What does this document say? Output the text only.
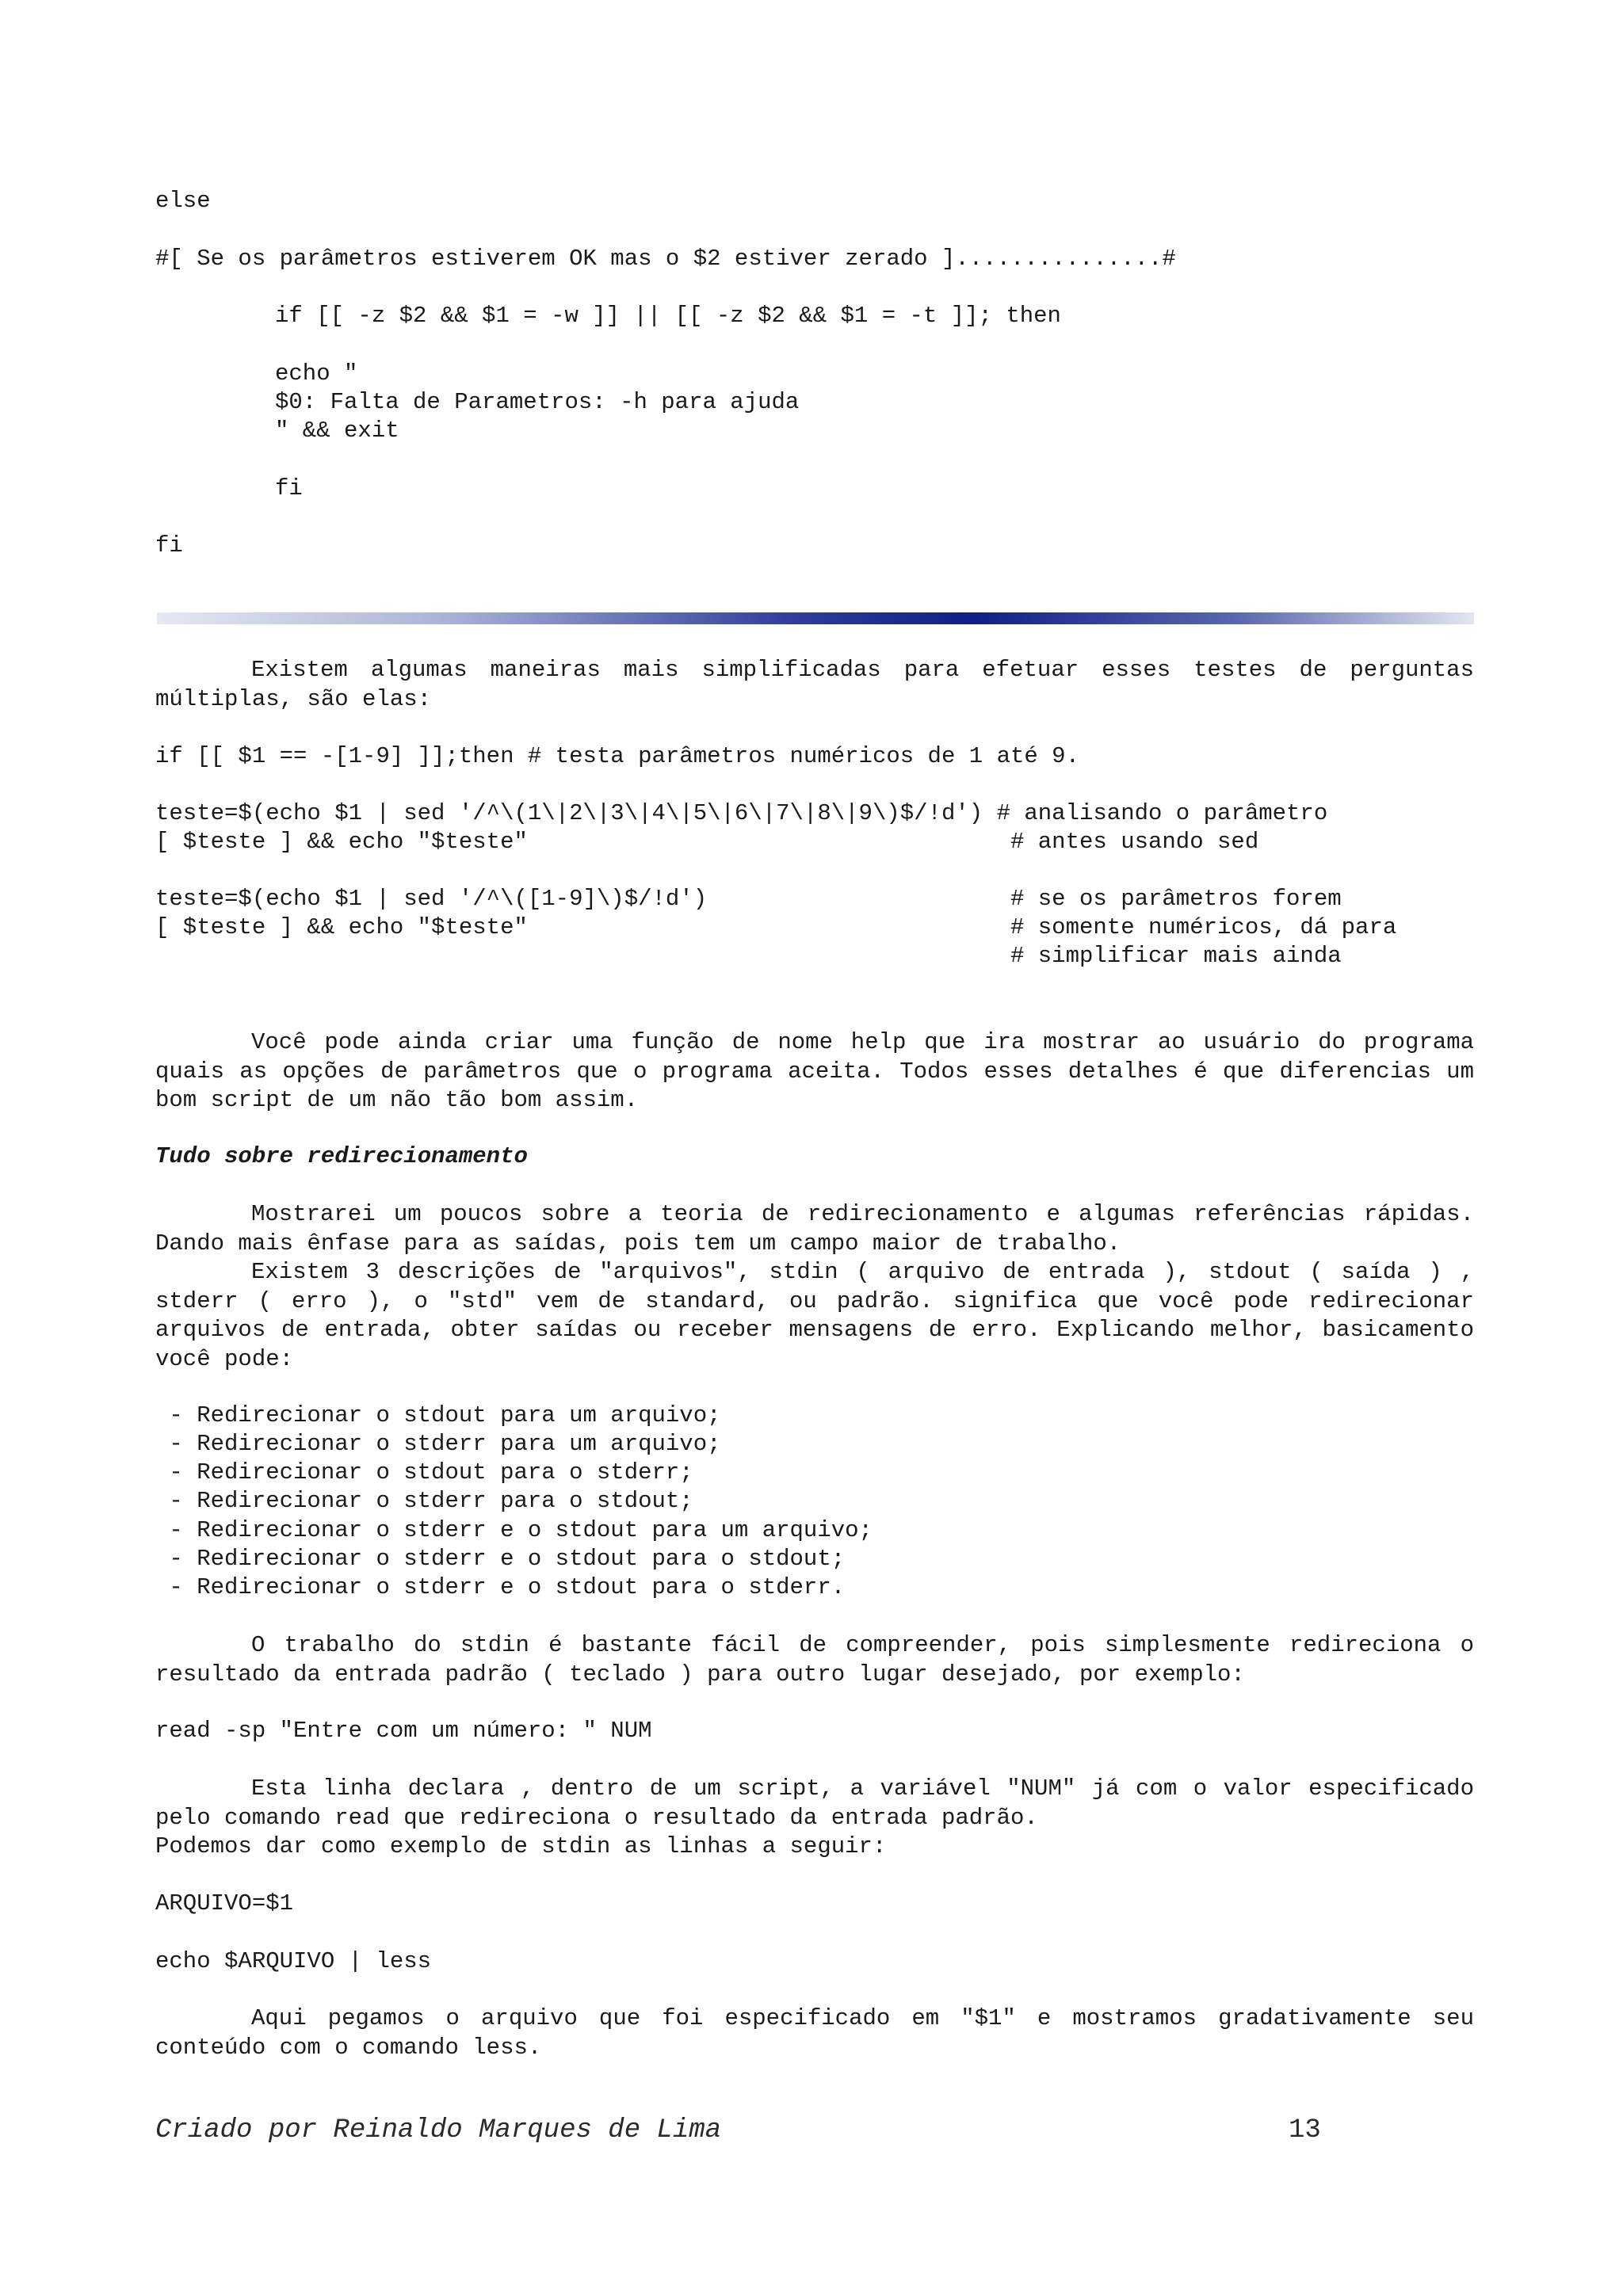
else
#[ Se os parâmetros estiverem OK mas o $2 estiver zerado ]...............#
if [[ -z $2 && $1 = -w ]] || [[ -z $2 && $1 = -t ]]; then
echo "
$0: Falta de Parametros: -h para ajuda
" && exit
fi
fi

Existem algumas maneiras mais simplificadas para efetuar esses testes de perguntas múltiplas, são elas:

if [[ $1 == -[1-9] ]];then # testa parâmetros numéricos de 1 até 9.
teste=$(echo $1 | sed '/^\(1\|2\|3\|4\|5\|6\|7\|8\|9\)$/!d') # analisando o parâmetro
[ $teste ] && echo "$teste"                                   # antes usando sed
teste=$(echo $1 | sed '/^\([1-9]\)$/!d')                      # se os parâmetros forem
[ $teste ] && echo "$teste"                                   # somente numéricos, dá para
# simplificar mais ainda

Você pode ainda criar uma função de nome help que ira mostrar ao usuário do programa quais as opções de parâmetros que o programa aceita. Todos esses detalhes é que diferencias um bom script de um não tão bom assim.

Tudo sobre redirecionamento

Mostrarei um poucos sobre a teoria de redirecionamento e algumas referências rápidas. Dando mais ênfase para as saídas, pois tem um campo maior de trabalho.

Existem 3 descrições de "arquivos", stdin ( arquivo de entrada ), stdout ( saída ) , stderr ( erro ), o "std" vem de standard, ou padrão. significa que você pode redirecionar arquivos de entrada, obter saídas ou receber mensagens de erro. Explicando melhor, basicamento você pode:

- Redirecionar o stdout para um arquivo;
- Redirecionar o stderr para um arquivo;
- Redirecionar o stdout para o stderr;
- Redirecionar o stderr para o stdout;
- Redirecionar o stderr e o stdout para um arquivo;
- Redirecionar o stderr e o stdout para o stdout;
- Redirecionar o stderr e o stdout para o stderr.

O trabalho do stdin é bastante fácil de compreender, pois simplesmente redireciona o resultado da entrada padrão ( teclado ) para outro lugar desejado, por exemplo:

read -sp "Entre com um número: " NUM

Esta linha declara , dentro de um script, a variável "NUM" já com o valor especificado pelo comando read que redireciona o resultado da entrada padrão.

Podemos dar como exemplo de stdin as linhas a seguir:

ARQUIVO=$1
echo $ARQUIVO | less

Aqui pegamos o arquivo que foi especificado em "$1" e mostramos gradativamente seu conteúdo com o comando less.

Criado por Reinaldo Marques de Lima	13
